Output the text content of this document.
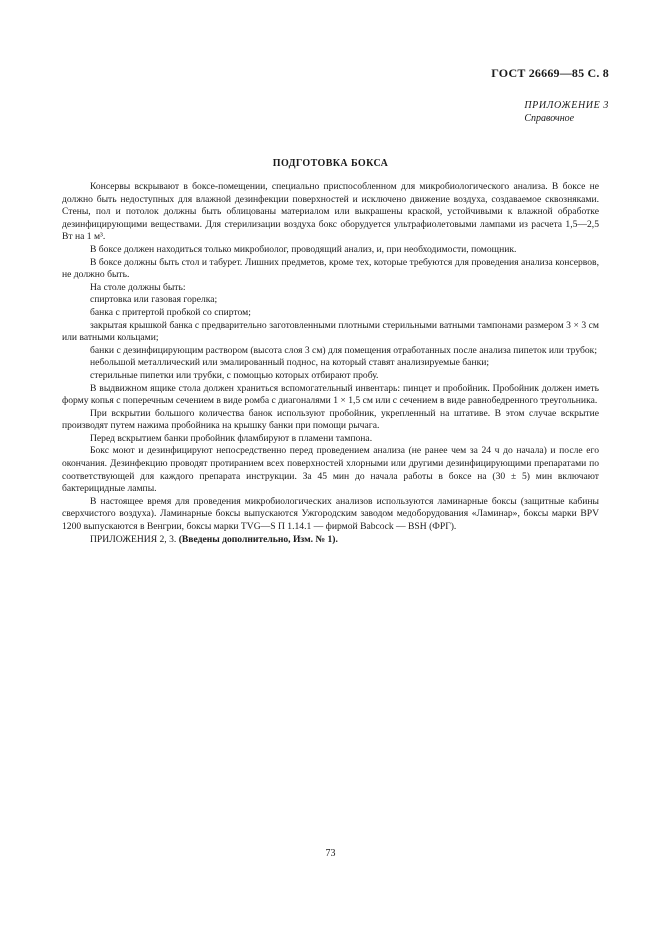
ГОСТ 26669—85 С. 8
ПРИЛОЖЕНИЕ 3
Справочное
ПОДГОТОВКА БОКСА

Консервы вскрывают в боксе-помещении, специально приспособленном для микробиологического анализа. В боксе не должно быть недоступных для влажной дезинфекции поверхностей и исключено движение воздуха, создаваемое сквозняками. Стены, пол и потолок должны быть облицованы материалом или выкрашены краской, устойчивыми к влажной обработке дезинфицирующими веществами. Для стерилизации воздуха бокс оборудуется ультрафиолетовыми лампами из расчета 1,5—2,5 Вт на 1 м³.

В боксе должен находиться только микробиолог, проводящий анализ, и, при необходимости, помощник.

В боксе должны быть стол и табурет. Лишних предметов, кроме тех, которые требуются для проведения анализа консервов, не должно быть.

На столе должны быть:

спиртовка или газовая горелка;

банка с притертой пробкой со спиртом;

закрытая крышкой банка с предварительно заготовленными плотными стерильными ватными тампонами размером 3 × 3 см или ватными кольцами;

банки с дезинфицирующим раствором (высота слоя 3 см) для помещения отработанных после анализа пипеток или трубок;

небольшой металлический или эмалированный поднос, на который ставят анализируемые банки;

стерильные пипетки или трубки, с помощью которых отбирают пробу.

В выдвижном ящике стола должен храниться вспомогательный инвентарь: пинцет и пробойник. Пробойник должен иметь форму копья с поперечным сечением в виде ромба с диагоналями 1 × 1,5 см или с сечением в виде равнобедренного треугольника.

При вскрытии большого количества банок используют пробойник, укрепленный на штативе. В этом случае вскрытие производят путем нажима пробойника на крышку банки при помощи рычага.

Перед вскрытием банки пробойник фламбируют в пламени тампона.

Бокс моют и дезинфицируют непосредственно перед проведением анализа (не ранее чем за 24 ч до начала) и после его окончания. Дезинфекцию проводят протиранием всех поверхностей хлорными или другими дезинфицирующими препаратами по соответствующей для каждого препарата инструкции. За 45 мин до начала работы в боксе на (30 ± 5) мин включают бактерицидные лампы.

В настоящее время для проведения микробиологических анализов используются ламинарные боксы (защитные кабины сверхчистого воздуха). Ламинарные боксы выпускаются Ужгородским заводом медоборудования «Ламинар», боксы марки BPV 1200 выпускаются в Венгрии, боксы марки TVG—S П 1.14.1 — фирмой Babcock — BSH (ФРГ).

ПРИЛОЖЕНИЯ 2, 3. (Введены дополнительно, Изм. № 1).

73
